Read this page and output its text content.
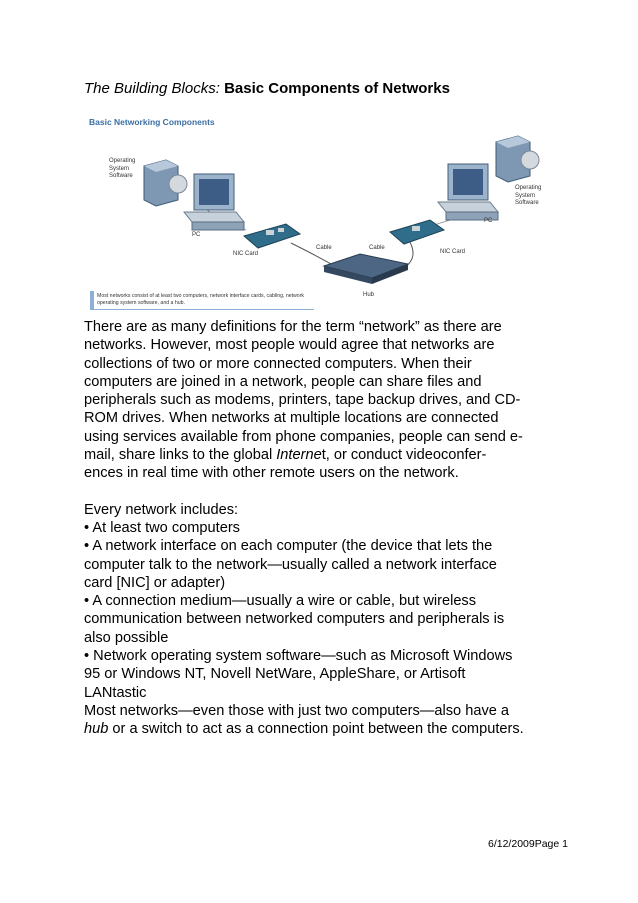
The Building Blocks: Basic Components of Networks
Basic Networking Components
Operating
System
Software
Operating
System
Software
PC
PC
NIC Card	NIC Card
Cable	Cable
Hub
Most networks consist of at least two computers, network interface cards, cabling, network operating system software, and a hub.

There are as many definitions for the term “network” as there are networks. However, most people would agree that networks are collections of two or more connected computers. When their computers are joined in a network, people can share files and peripherals such as modems, printers, tape backup drives, and CD-ROM drives. When networks at multiple locations are connected using services available from phone companies, people can send e-mail, share links to the global Internet, or conduct videoconfer-ences in real time with other remote users on the network.

Every network includes:

• At least two computers

• A network interface on each computer (the device that lets the computer talk to the network—usually called a network interface card [NIC] or adapter)

• A connection medium—usually a wire or cable, but wireless communication between networked computers and peripherals is also possible

• Network operating system software—such as Microsoft Windows 95 or Windows NT, Novell NetWare, AppleShare, or Artisoft LANtastic

Most networks—even those with just two computers—also have a hub or a switch to act as a connection point between the computers.

6/12/2009Page 1
